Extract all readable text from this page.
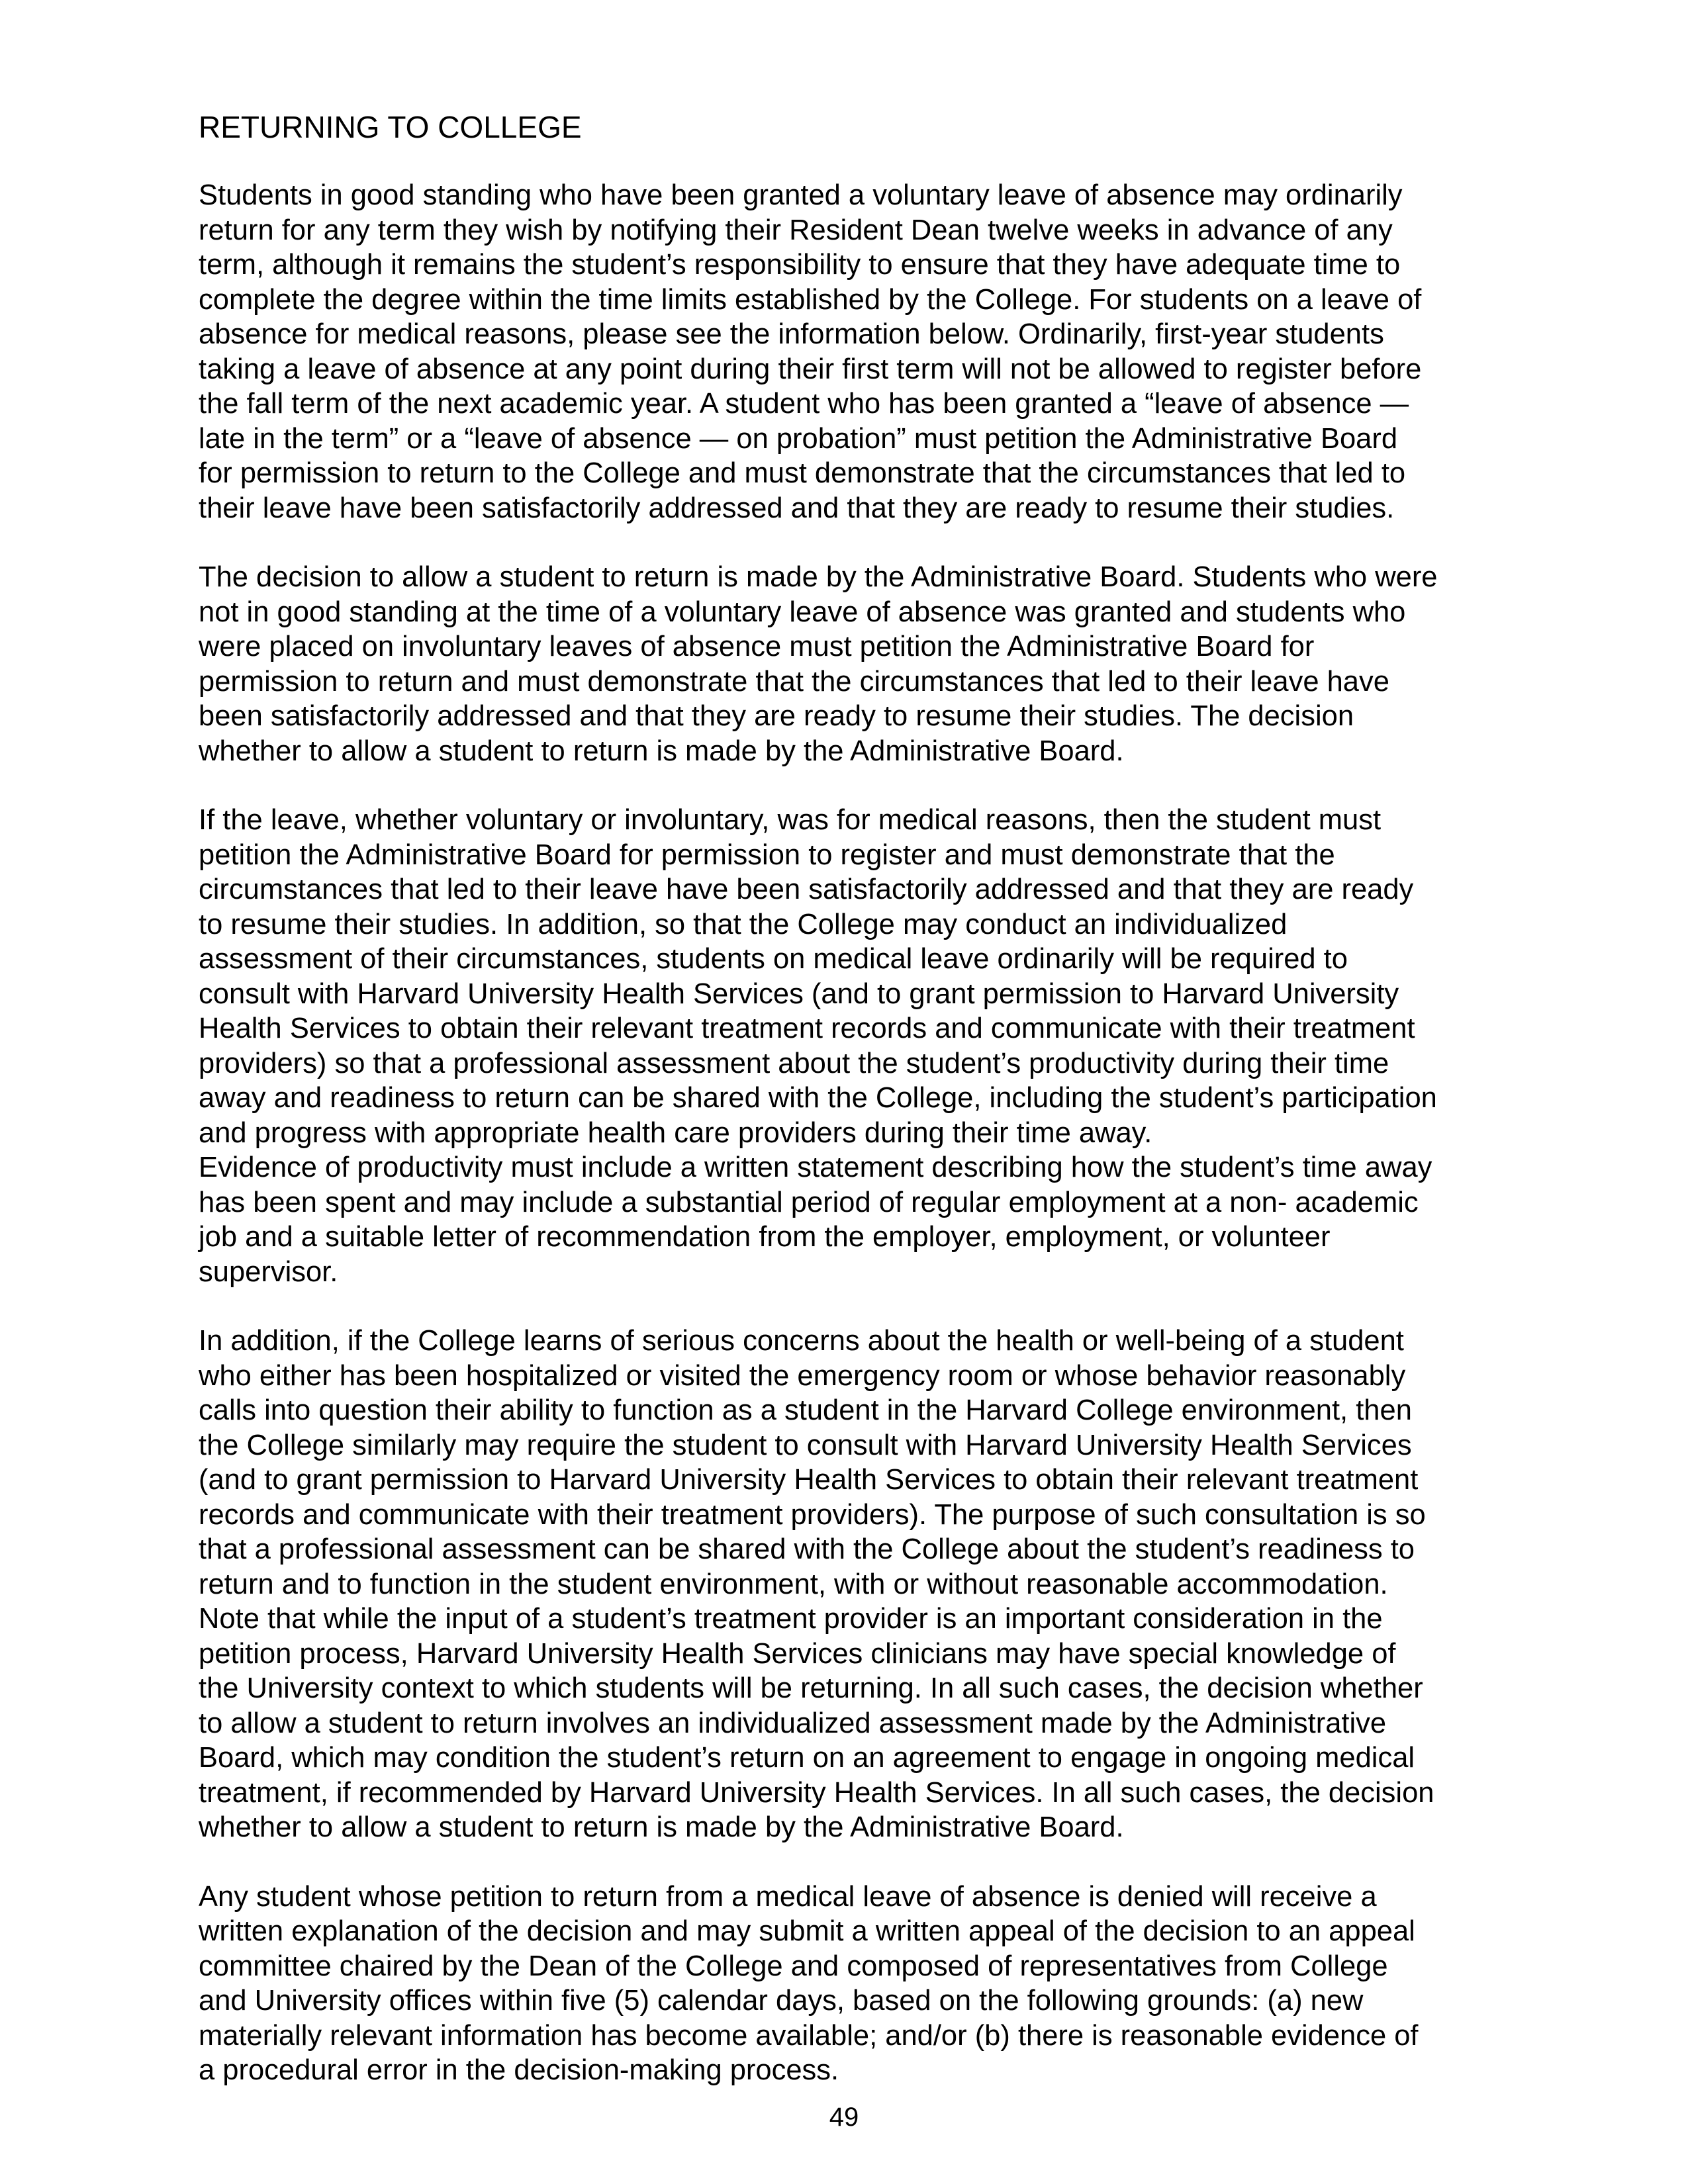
RETURNING TO COLLEGE

Students in good standing who have been granted a voluntary leave of absence may ordinarily
return for any term they wish by notifying their Resident Dean twelve weeks in advance of any
term, although it remains the student’s responsibility to ensure that they have adequate time to
complete the degree within the time limits established by the College. For students on a leave of
absence for medical reasons, please see the information below. Ordinarily, first-year students
taking a leave of absence at any point during their first term will not be allowed to register before
the fall term of the next academic year. A student who has been granted a “leave of absence —
late in the term” or a “leave of absence — on probation” must petition the Administrative Board
for permission to return to the College and must demonstrate that the circumstances that led to
their leave have been satisfactorily addressed and that they are ready to resume their studies.

The decision to allow a student to return is made by the Administrative Board. Students who were
not in good standing at the time of a voluntary leave of absence was granted and students who
were placed on involuntary leaves of absence must petition the Administrative Board for
permission to return and must demonstrate that the circumstances that led to their leave have
been satisfactorily addressed and that they are ready to resume their studies. The decision
whether to allow a student to return is made by the Administrative Board.

If the leave, whether voluntary or involuntary, was for medical reasons, then the student must
petition the Administrative Board for permission to register and must demonstrate that the
circumstances that led to their leave have been satisfactorily addressed and that they are ready
to resume their studies. In addition, so that the College may conduct an individualized
assessment of their circumstances, students on medical leave ordinarily will be required to
consult with Harvard University Health Services (and to grant permission to Harvard University
Health Services to obtain their relevant treatment records and communicate with their treatment
providers) so that a professional assessment about the student’s productivity during their time
away and readiness to return can be shared with the College, including the student’s participation
and progress with appropriate health care providers during their time away.
Evidence of productivity must include a written statement describing how the student’s time away
has been spent and may include a substantial period of regular employment at a non- academic
job and a suitable letter of recommendation from the employer, employment, or volunteer
supervisor.

In addition, if the College learns of serious concerns about the health or well-being of a student
who either has been hospitalized or visited the emergency room or whose behavior reasonably
calls into question their ability to function as a student in the Harvard College environment, then
the College similarly may require the student to consult with Harvard University Health Services
(and to grant permission to Harvard University Health Services to obtain their relevant treatment
records and communicate with their treatment providers). The purpose of such consultation is so
that a professional assessment can be shared with the College about the student’s readiness to
return and to function in the student environment, with or without reasonable accommodation.
Note that while the input of a student’s treatment provider is an important consideration in the
petition process, Harvard University Health Services clinicians may have special knowledge of
the University context to which students will be returning. In all such cases, the decision whether
to allow a student to return involves an individualized assessment made by the Administrative
Board, which may condition the student’s return on an agreement to engage in ongoing medical
treatment, if recommended by Harvard University Health Services. In all such cases, the decision
whether to allow a student to return is made by the Administrative Board.

Any student whose petition to return from a medical leave of absence is denied will receive a
written explanation of the decision and may submit a written appeal of the decision to an appeal
committee chaired by the Dean of the College and composed of representatives from College
and University offices within five (5) calendar days, based on the following grounds: (a) new
materially relevant information has become available; and/or (b) there is reasonable evidence of
a procedural error in the decision-making process.

49
